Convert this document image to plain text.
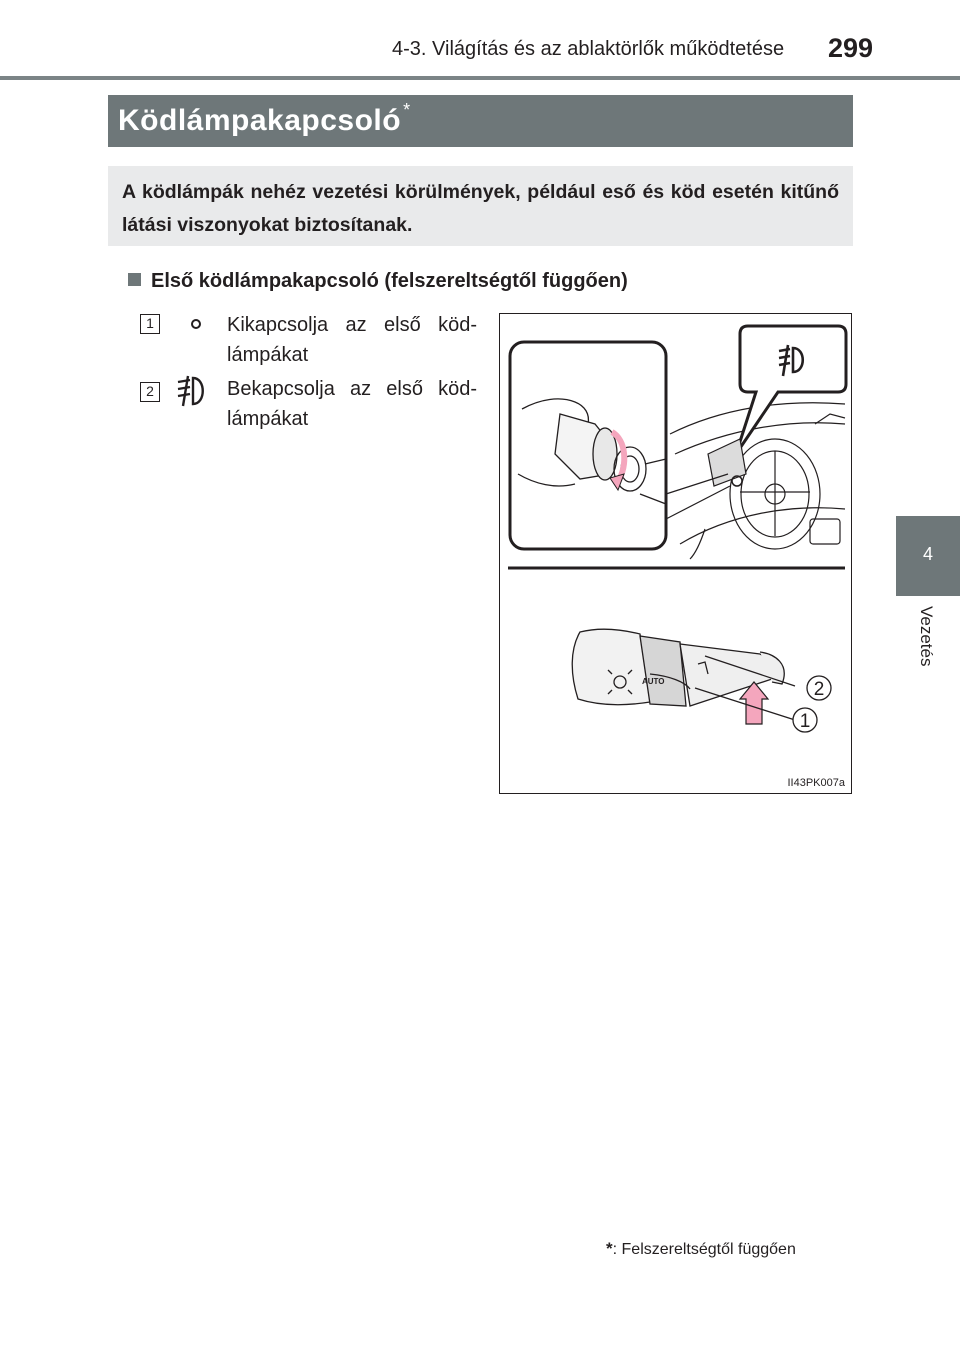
4-3. Világítás és az ablaktörlők működtetése 299
4
Vezetés
Ködlámpakapcsoló *
A ködlámpák nehéz vezetési körülmények, például eső és köd esetén kitűnő látási viszonyokat biztosítanak.
Első ködlámpakapcsoló (felszereltségtől függően)
1	Kikapcsolja az első köd-lámpákat
2	Bekapcsolja az első köd-lámpákat
AUTO	2
1
II43PK007a
*: Felszereltségtől függően
